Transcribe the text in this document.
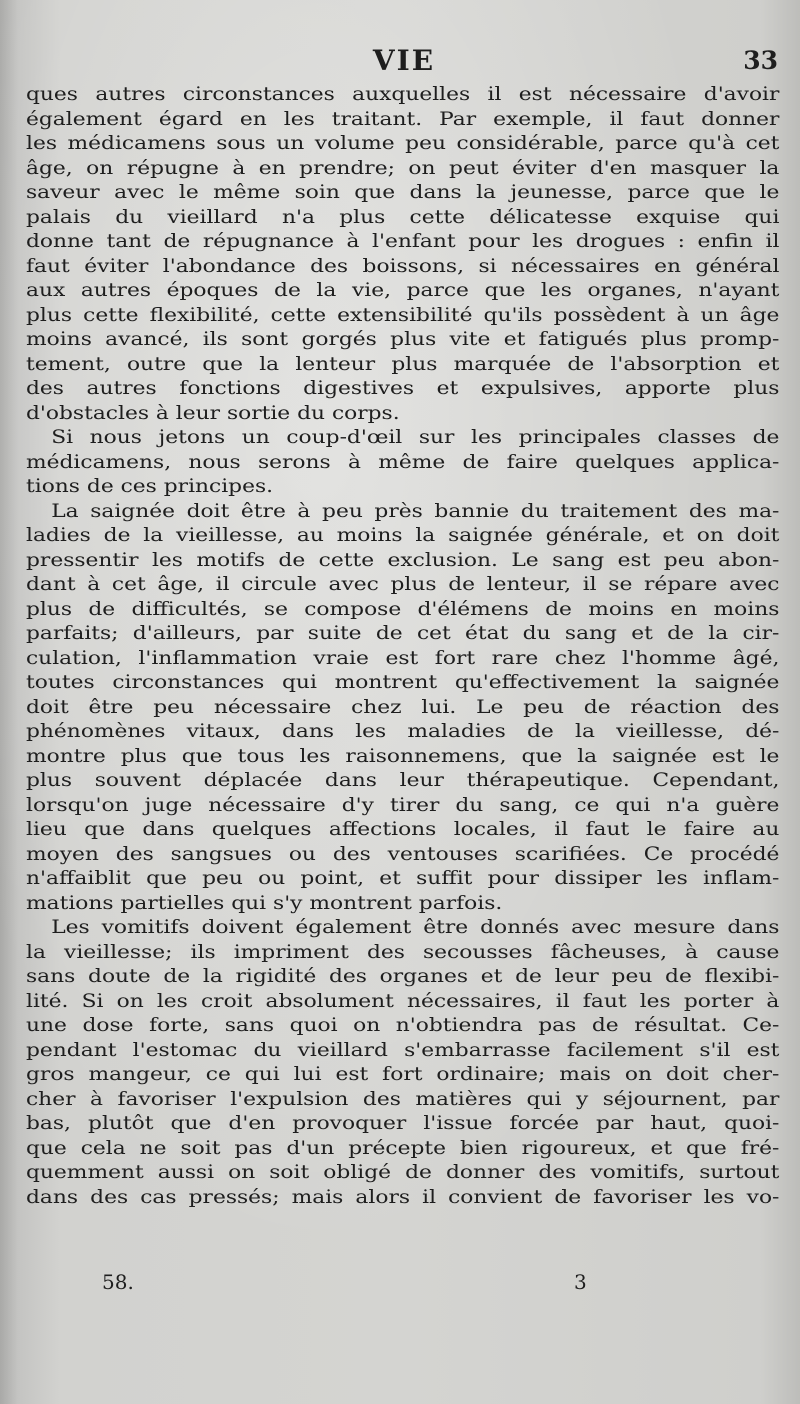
VIE	33
ques autres circonstances auxquelles il est nécessaire d'avoir
également égard en les traitant. Par exemple, il faut donner
les médicamens sous un volume peu considérable, parce qu'à cet
âge, on répugne à en prendre; on peut éviter d'en masquer la
saveur avec le même soin que dans la jeunesse, parce que le
palais du vieillard n'a plus cette délicatesse exquise qui
donne tant de répugnance à l'enfant pour les drogues : enfin il
faut éviter l'abondance des boissons, si nécessaires en général
aux autres époques de la vie, parce que les organes, n'ayant
plus cette flexibilité, cette extensibilité qu'ils possèdent à un âge
moins avancé, ils sont gorgés plus vite et fatigués plus promp-
tement, outre que la lenteur plus marquée de l'absorption et
des autres fonctions digestives et expulsives, apporte plus
d'obstacles à leur sortie du corps.
Si nous jetons un coup-d'œil sur les principales classes de
médicamens, nous serons à même de faire quelques applica-
tions de ces principes.
La saignée doit être à peu près bannie du traitement des ma-
ladies de la vieillesse, au moins la saignée générale, et on doit
pressentir les motifs de cette exclusion. Le sang est peu abon-
dant à cet âge, il circule avec plus de lenteur, il se répare avec
plus de difficultés, se compose d'élémens de moins en moins
parfaits; d'ailleurs, par suite de cet état du sang et de la cir-
culation, l'inflammation vraie est fort rare chez l'homme âgé,
toutes circonstances qui montrent qu'effectivement la saignée
doit être peu nécessaire chez lui. Le peu de réaction des
phénomènes vitaux, dans les maladies de la vieillesse, dé-
montre plus que tous les raisonnemens, que la saignée est le
plus souvent déplacée dans leur thérapeutique. Cependant,
lorsqu'on juge nécessaire d'y tirer du sang, ce qui n'a guère
lieu que dans quelques affections locales, il faut le faire au
moyen des sangsues ou des ventouses scarifiées. Ce procédé
n'affaiblit que peu ou point, et suffit pour dissiper les inflam-
mations partielles qui s'y montrent parfois.
Les vomitifs doivent également être donnés avec mesure dans
la vieillesse; ils impriment des secousses fâcheuses, à cause
sans doute de la rigidité des organes et de leur peu de flexibi-
lité. Si on les croit absolument nécessaires, il faut les porter à
une dose forte, sans quoi on n'obtiendra pas de résultat. Ce-
pendant l'estomac du vieillard s'embarrasse facilement s'il est
gros mangeur, ce qui lui est fort ordinaire; mais on doit cher-
cher à favoriser l'expulsion des matières qui y séjournent, par
bas, plutôt que d'en provoquer l'issue forcée par haut, quoi-
que cela ne soit pas d'un précepte bien rigoureux, et que fré-
quemment aussi on soit obligé de donner des vomitifs, surtout
dans des cas pressés; mais alors il convient de favoriser les vo-
58.	3
